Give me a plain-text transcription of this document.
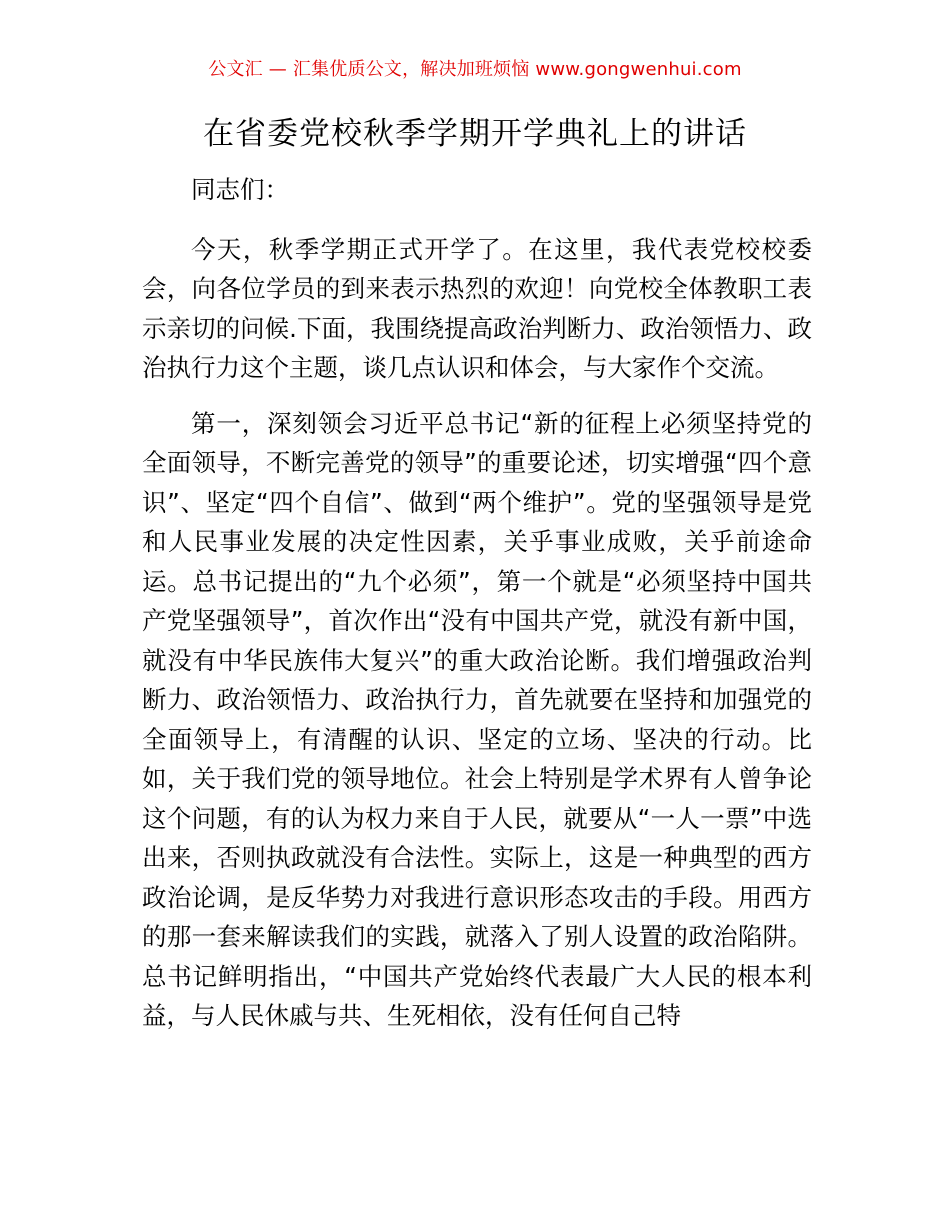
公文汇 — 汇集优质公文，解决加班烦恼 www.gongwenhui.com
在省委党校秋季学期开学典礼上的讲话

同志们：

今天，秋季学期正式开学了。在这里，我代表党校校委会，向各位学员的到来表示热烈的欢迎！向党校全体教职工表示亲切的问候.下面，我围绕提高政治判断力、政治领悟力、政治执行力这个主题，谈几点认识和体会，与大家作个交流。

第一，深刻领会习近平总书记“新的征程上必须坚持党的全面领导，不断完善党的领导”的重要论述，切实增强“四个意识”、坚定“四个自信”、做到“两个维护”。党的坚强领导是党和人民事业发展的决定性因素，关乎事业成败，关乎前途命运。总书记提出的“九个必须”，第一个就是“必须坚持中国共产党坚强领导”，首次作出“没有中国共产党，就没有新中国，就没有中华民族伟大复兴”的重大政治论断。我们增强政治判断力、政治领悟力、政治执行力，首先就要在坚持和加强党的全面领导上，有清醒的认识、坚定的立场、坚决的行动。比如，关于我们党的领导地位。社会上特别是学术界有人曾争论这个问题，有的认为权力来自于人民，就要从“一人一票”中选出来，否则执政就没有合法性。实际上，这是一种典型的西方政治论调，是反华势力对我进行意识形态攻击的手段。用西方的那一套来解读我们的实践，就落入了别人设置的政治陷阱。总书记鲜明指出，“中国共产党始终代表最广大人民的根本利益，与人民休戚与共、生死相依，没有任何自己特
